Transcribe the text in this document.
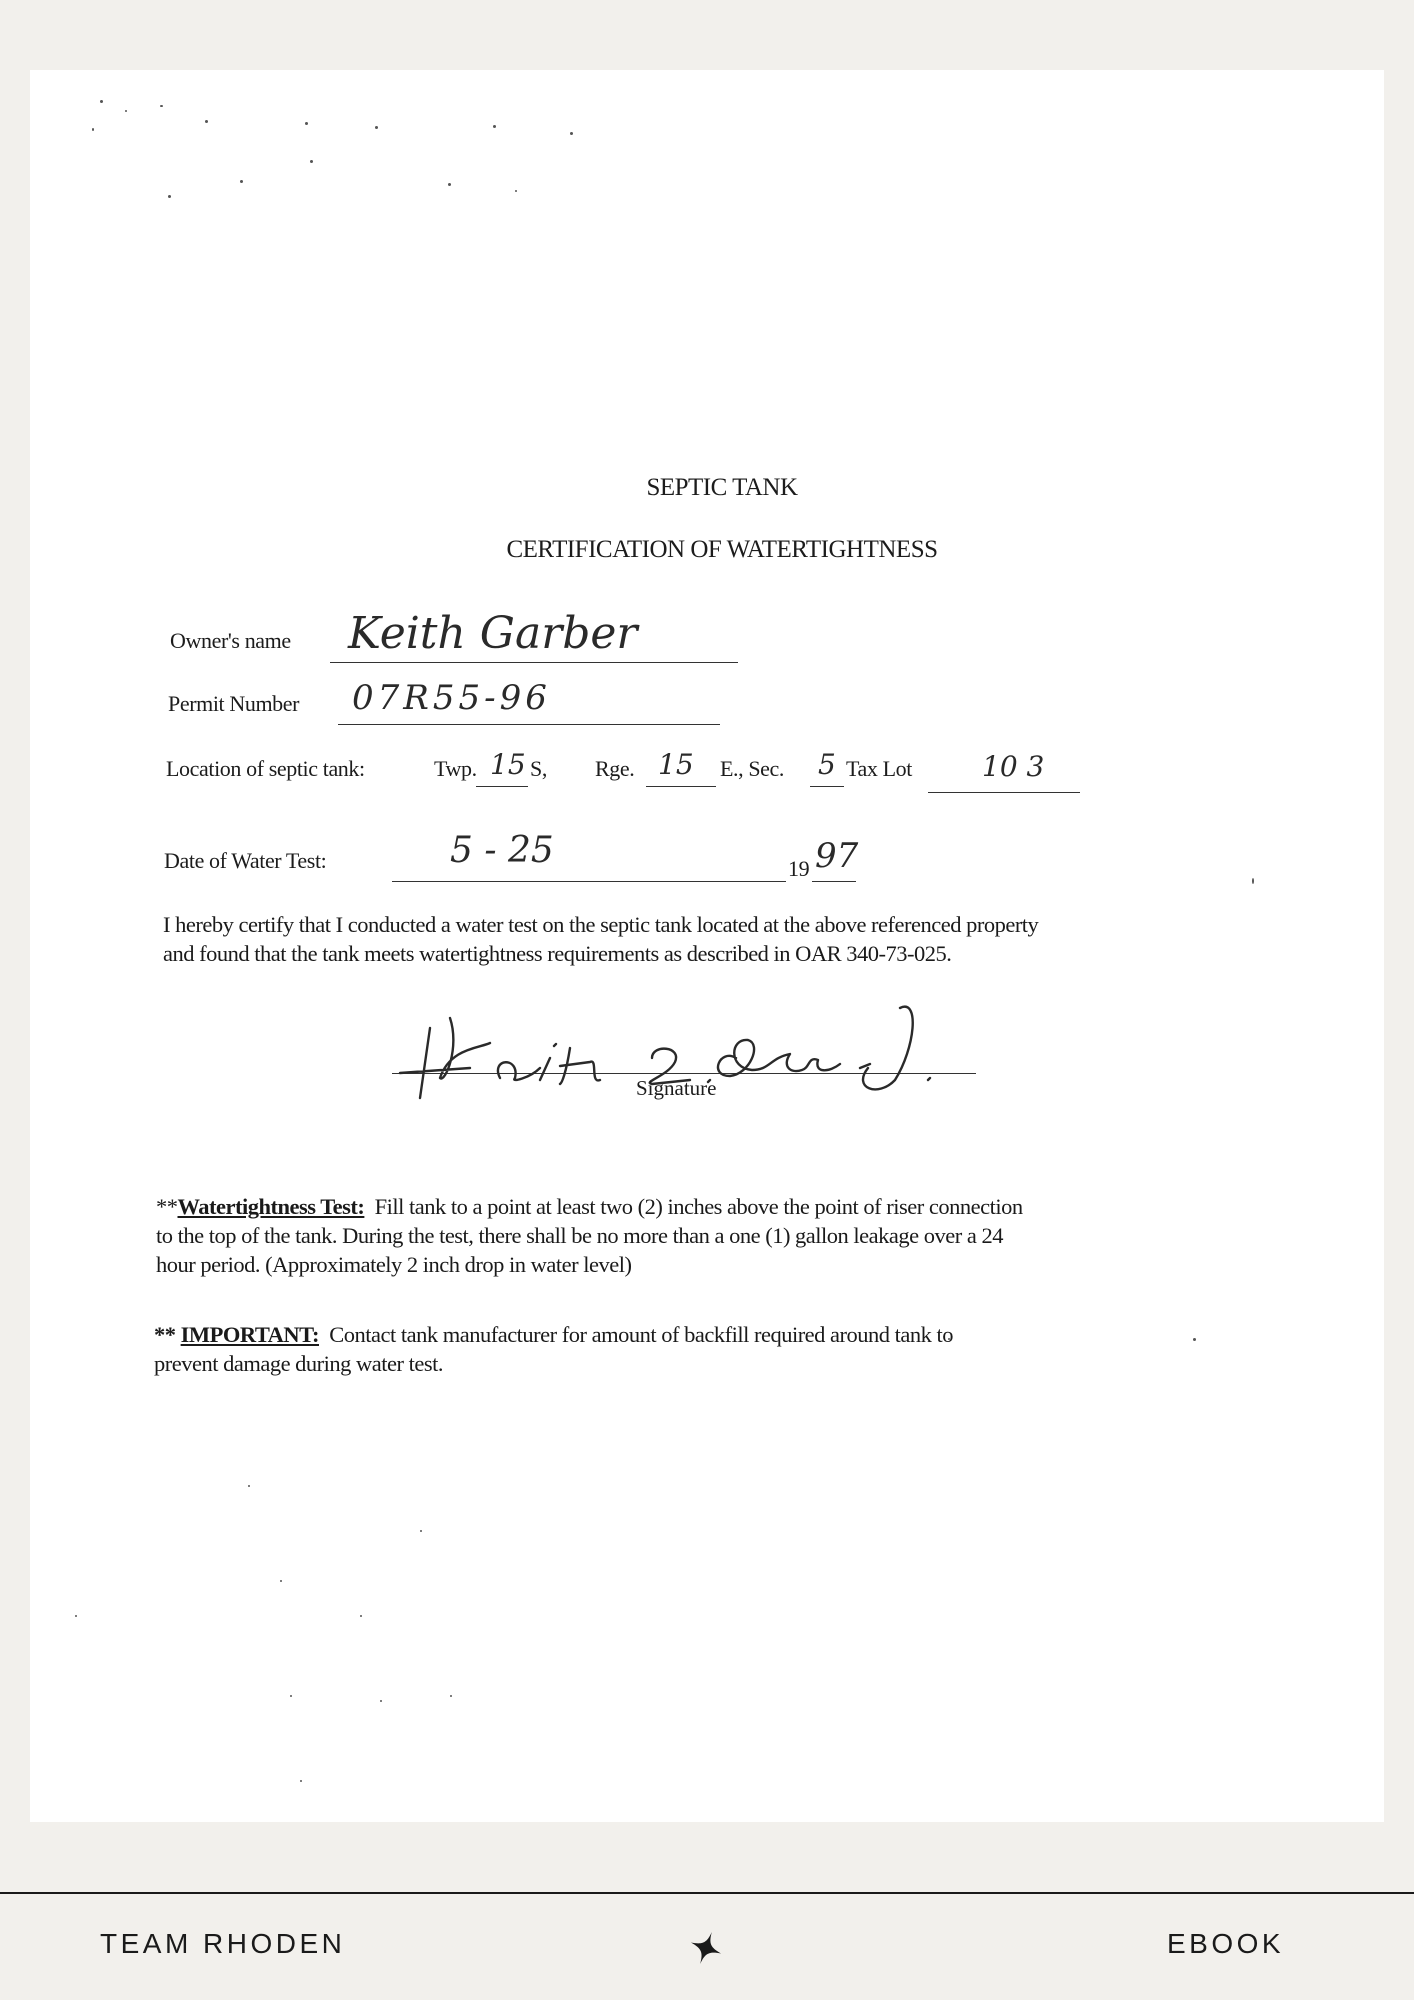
SEPTIC TANK
CERTIFICATION OF WATERTIGHTNESS
Owner's name Keith Garber
Permit Number 07R55-96
Location of septic tank:	Twp. 15 S, Rge. 15 E., Sec. 5 Tax Lot	10 3
Date of Water Test:	5 - 25	19 97
I hereby certify that I conducted a water test on the septic tank located at the above referenced property
and found that the tank meets watertightness requirements as described in OAR 340-73-025.
Signature
**Watertightness Test: Fill tank to a point at least two (2) inches above the point of riser connection
to the top of the tank. During the test, there shall be no more than a one (1) gallon leakage over a 24
hour period. (Approximately 2 inch drop in water level)
** IMPORTANT: Contact tank manufacturer for amount of backfill required around tank to
prevent damage during water test.
TEAM RHODEN	EBOOK
